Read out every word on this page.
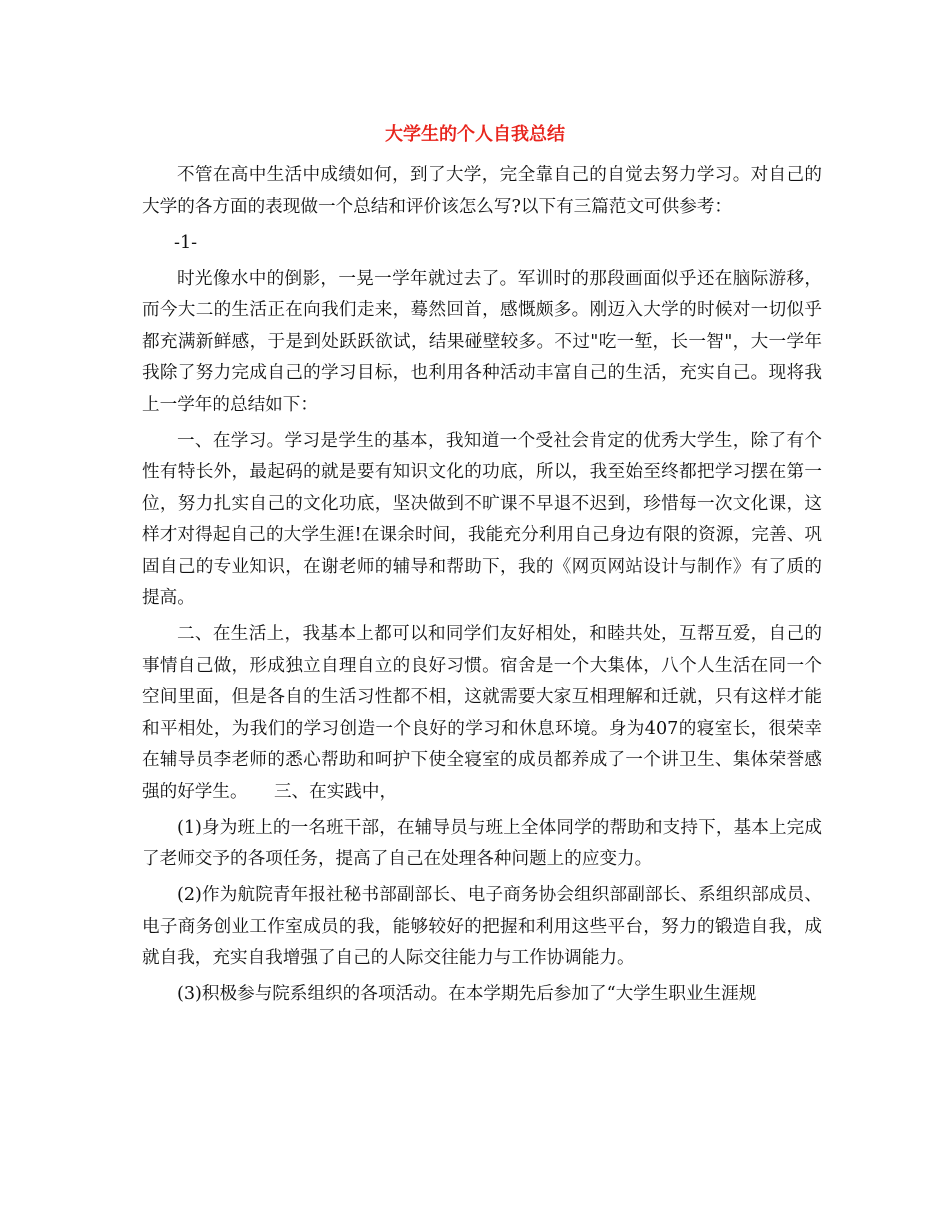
大学生的个人自我总结

不管在高中生活中成绩如何，到了大学，完全靠自己的自觉去努力学习。对自己的大学的各方面的表现做一个总结和评价该怎么写?以下有三篇范文可供参考：

-1-

时光像水中的倒影，一晃一学年就过去了。军训时的那段画面似乎还在脑际游移，而今大二的生活正在向我们走来，蓦然回首，感慨颇多。刚迈入大学的时候对一切似乎都充满新鲜感，于是到处跃跃欲试，结果碰壁较多。不过"吃一堑，长一智"，大一学年我除了努力完成自己的学习目标，也利用各种活动丰富自己的生活，充实自己。现将我上一学年的总结如下：

一、在学习。学习是学生的基本，我知道一个受社会肯定的优秀大学生，除了有个性有特长外，最起码的就是要有知识文化的功底，所以，我至始至终都把学习摆在第一位，努力扎实自己的文化功底，坚决做到不旷课不早退不迟到，珍惜每一次文化课，这样才对得起自己的大学生涯!在课余时间，我能充分利用自己身边有限的资源，完善、巩固自己的专业知识，在谢老师的辅导和帮助下，我的《网页网站设计与制作》有了质的提高。

二、在生活上，我基本上都可以和同学们友好相处，和睦共处，互帮互爱，自己的事情自己做，形成独立自理自立的良好习惯。宿舍是一个大集体，八个人生活在同一个空间里面，但是各自的生活习性都不相，这就需要大家互相理解和迁就，只有这样才能和平相处，为我们的学习创造一个良好的学习和休息环境。身为407的寝室长，很荣幸在辅导员李老师的悉心帮助和呵护下使全寝室的成员都养成了一个讲卫生、集体荣誉感强的好学生。　　三、在实践中，

(1)身为班上的一名班干部，在辅导员与班上全体同学的帮助和支持下，基本上完成了老师交予的各项任务，提高了自己在处理各种问题上的应变力。

(2)作为航院青年报社秘书部副部长、电子商务协会组织部副部长、系组织部成员、电子商务创业工作室成员的我，能够较好的把握和利用这些平台，努力的锻造自我，成就自我，充实自我增强了自己的人际交往能力与工作协调能力。

(3)积极参与院系组织的各项活动。在本学期先后参加了“大学生职业生涯规
